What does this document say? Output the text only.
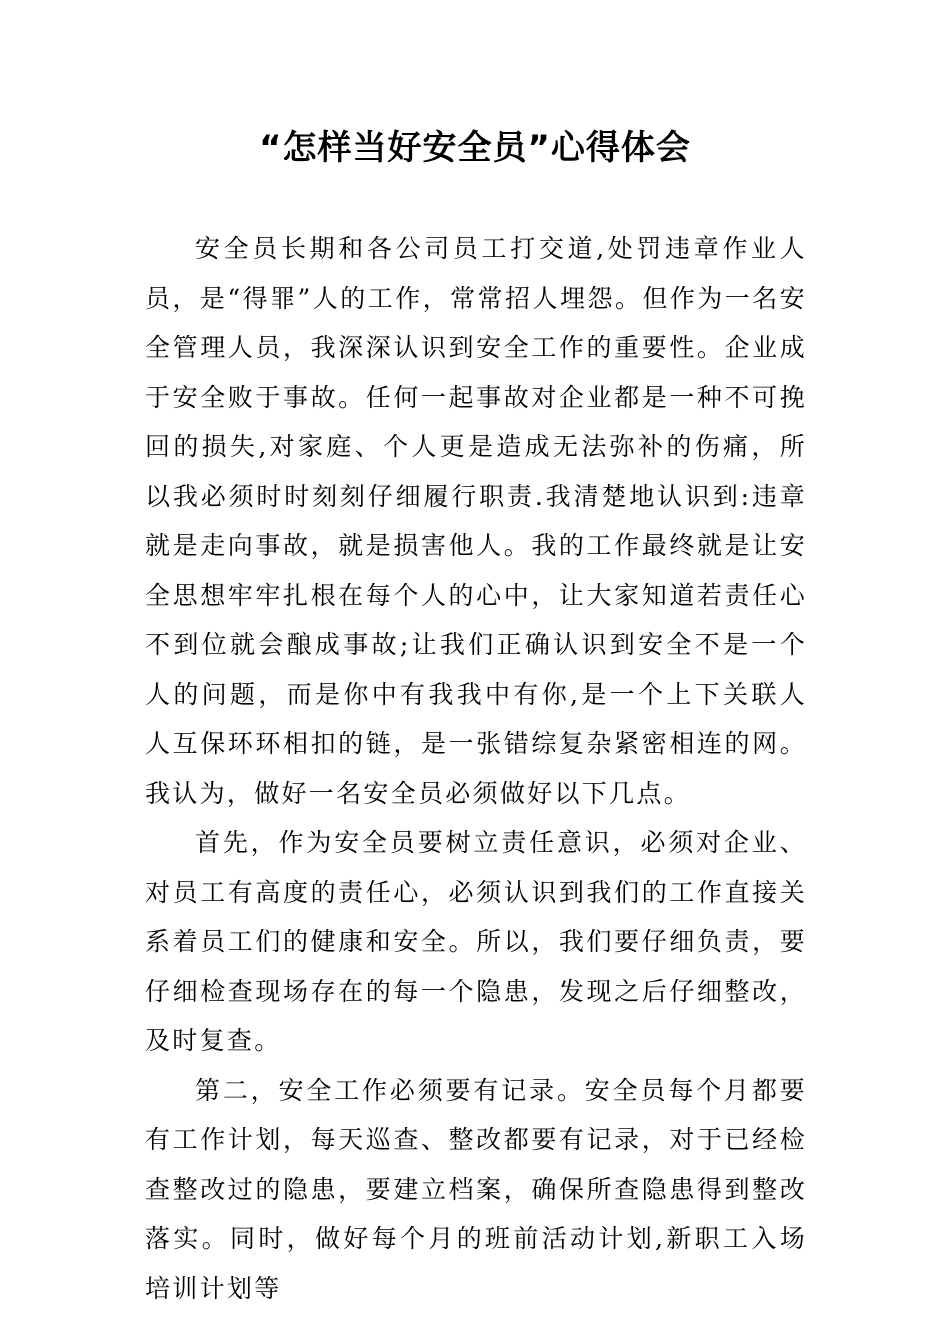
“怎样当好安全员”心得体会

安全员长期和各公司员工打交道,处罚违章作业人员，是“得罪”人的工作，常常招人埋怨。但作为一名安全管理人员，我深深认识到安全工作的重要性。企业成于安全败于事故。任何一起事故对企业都是一种不可挽回的损失,对家庭、个人更是造成无法弥补的伤痛，所以我必须时时刻刻仔细履行职责.我清楚地认识到:违章就是走向事故，就是损害他人。我的工作最终就是让安全思想牢牢扎根在每个人的心中，让大家知道若责任心不到位就会酿成事故;让我们正确认识到安全不是一个人的问题，而是你中有我我中有你,是一个上下关联人人互保环环相扣的链，是一张错综复杂紧密相连的网。我认为，做好一名安全员必须做好以下几点。

首先，作为安全员要树立责任意识，必须对企业、对员工有高度的责任心，必须认识到我们的工作直接关系着员工们的健康和安全。所以，我们要仔细负责，要仔细检查现场存在的每一个隐患，发现之后仔细整改，及时复查。

第二，安全工作必须要有记录。安全员每个月都要有工作计划，每天巡查、整改都要有记录，对于已经检查整改过的隐患，要建立档案，确保所查隐患得到整改落实。同时，做好每个月的班前活动计划,新职工入场培训计划等
